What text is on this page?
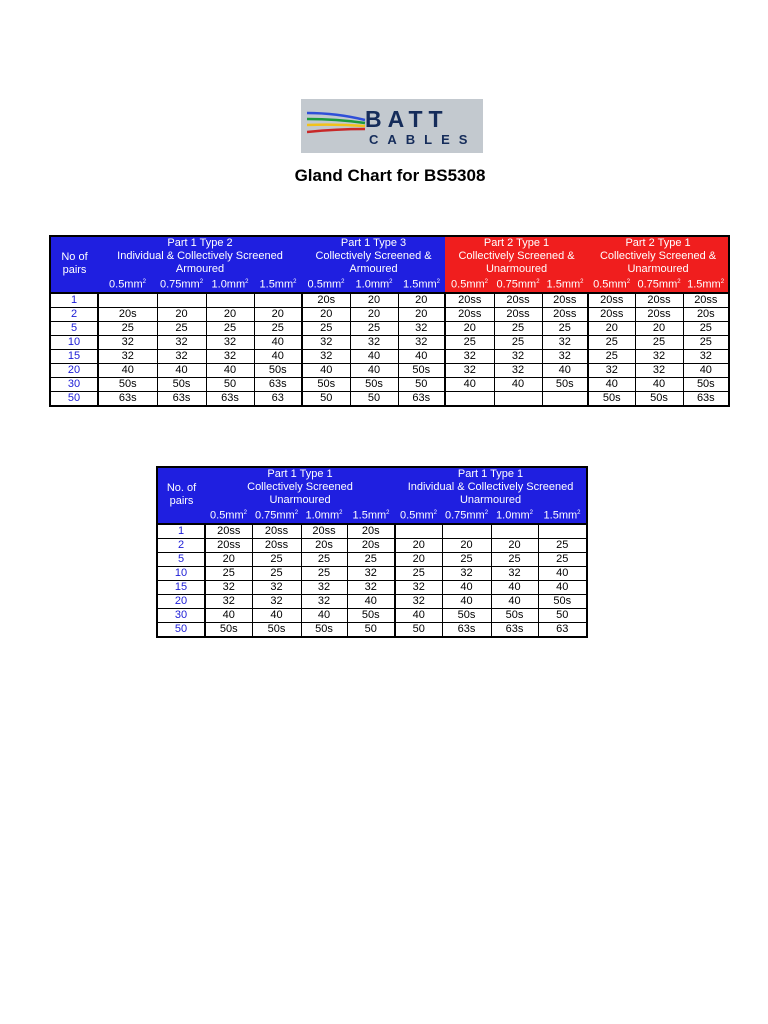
BATT
CABLES
Gland Chart for BS5308
No of
pairs	Part 1 Type 2
Individual & Collectively Screened
Armoured				Part 1 Type 3
Collectively Screened &
Armoured			Part 2 Type 1
Collectively Screened &
Unarmoured			Part 2 Type 1
Collectively Screened &
Unarmoured		

	$0.5mm^2$	$0.75mm^2$	$1.0mm^2$	$1.5mm^2$	$0.5mm^2$	$1.0mm^2$	$1.5mm^2$	$0.5mm^2$	$0.75mm^2$	$1.5mm^2$	$0.5mm^2$	$0.75mm^2$	$1.5mm^2$
1					20s	20	20	20ss	20ss	20ss	20ss	20ss	20ss
2	20s	20	20	20	20	20	20	20ss	20ss	20ss	20ss	20ss	20s
5	25	25	25	25	25	25	32	20	25	25	20	20	25
10	32	32	32	40	32	32	32	25	25	32	25	25	25
15	32	32	32	40	32	40	40	32	32	32	25	32	32
20	40	40	40	50s	40	40	50s	32	32	40	32	32	40
30	50s	50s	50	63s	50s	50s	50	40	40	50s	40	40	50s
50	63s	63s	63s	63	50	50	63s				50s	50s	63s
No. of
pairs	Part 1 Type 1
Collectively Screened
Unarmoured				Part 1 Type 1
Individual & Collectively Screened
Unarmoured			

	$0.5mm^2$	$0.75mm^2$	$1.0mm^2$	$1.5mm^2$	$0.5mm^2$	$0.75mm^2$	$1.0mm^2$	$1.5mm^2$
1	20ss	20ss	20ss	20s				
2	20ss	20ss	20s	20s	20	20	20	25
5	20	25	25	25	20	25	25	25
10	25	25	25	32	25	32	32	40
15	32	32	32	32	32	40	40	40
20	32	32	32	40	32	40	40	50s
30	40	40	40	50s	40	50s	50s	50
50	50s	50s	50s	50	50	63s	63s	63
